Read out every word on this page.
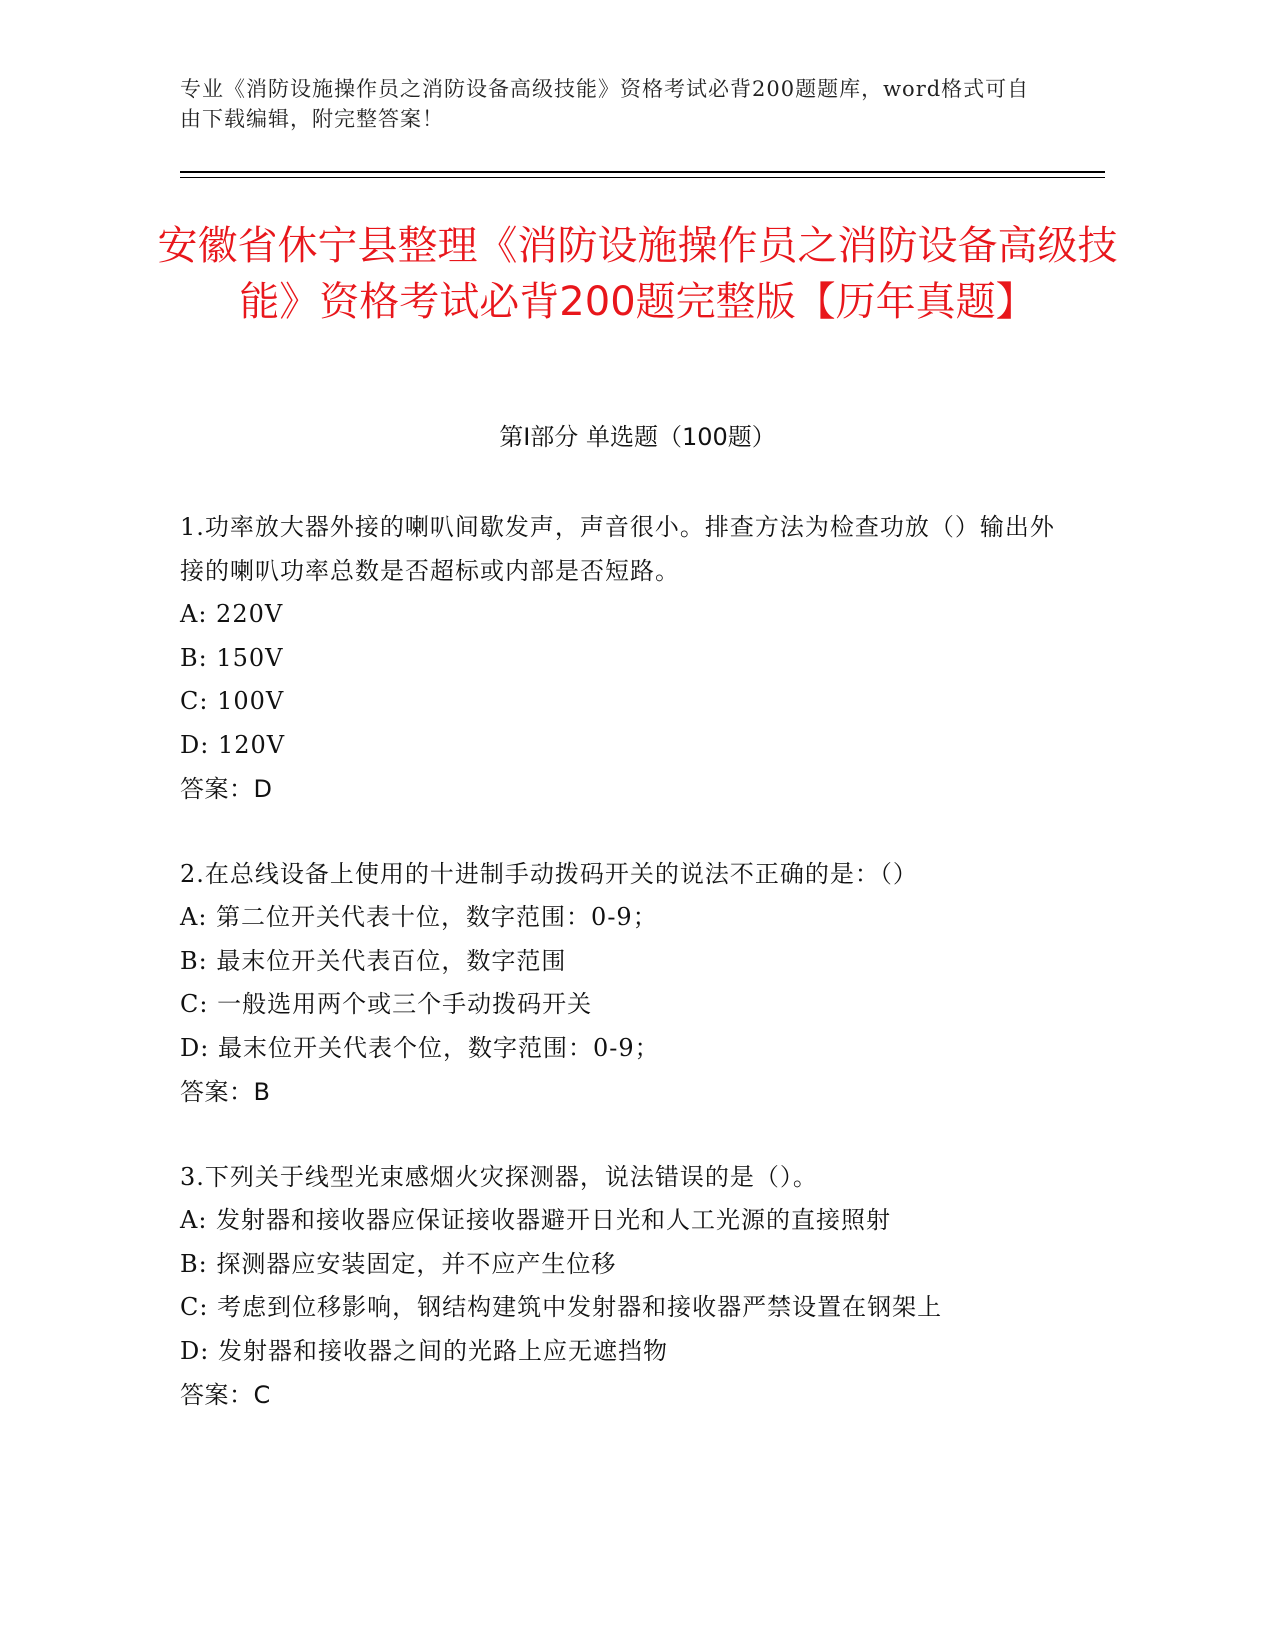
专业《消防设施操作员之消防设备高级技能》资格考试必背200题题库，word格式可自由下载编辑，附完整答案！
安徽省休宁县整理《消防设施操作员之消防设备高级技能》资格考试必背200题完整版【历年真题】
第Ⅰ部分 单选题（100题）

1.功率放大器外接的喇叭间歇发声，声音很小。排查方法为检查功放（）输出外接的喇叭功率总数是否超标或内部是否短路。

A: 220V

B: 150V

C: 100V

D: 120V

答案：D

2.在总线设备上使用的十进制手动拨码开关的说法不正确的是：（）

A: 第二位开关代表十位，数字范围：0-9；

B: 最末位开关代表百位，数字范围

C: 一般选用两个或三个手动拨码开关

D: 最末位开关代表个位，数字范围：0-9；

答案：B

3.下列关于线型光束感烟火灾探测器，说法错误的是（）。

A: 发射器和接收器应保证接收器避开日光和人工光源的直接照射

B: 探测器应安装固定，并不应产生位移

C: 考虑到位移影响，钢结构建筑中发射器和接收器严禁设置在钢架上

D: 发射器和接收器之间的光路上应无遮挡物

答案：C
